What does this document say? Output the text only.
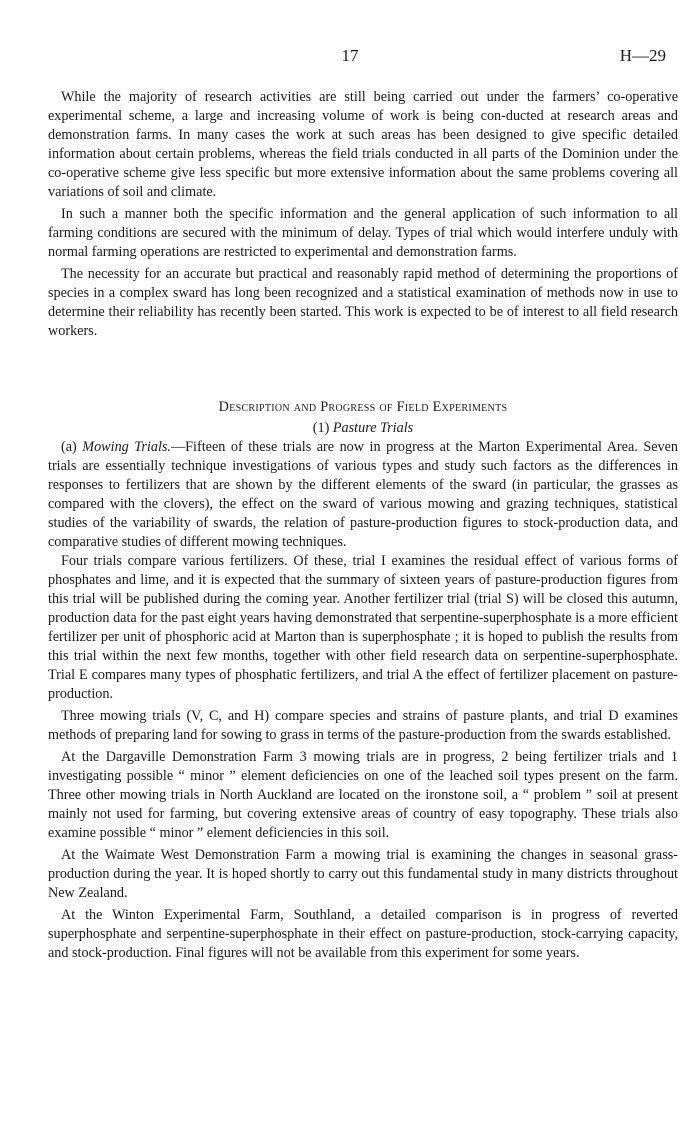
17	H—29

While the majority of research activities are still being carried out under the farmers’ co-operative experimental scheme, a large and increasing volume of work is being con-ducted at research areas and demonstration farms. In many cases the work at such areas has been designed to give specific detailed information about certain problems, whereas the field trials conducted in all parts of the Dominion under the co-operative scheme give less specific but more extensive information about the same problems covering all variations of soil and climate.

In such a manner both the specific information and the general application of such information to all farming conditions are secured with the minimum of delay. Types of trial which would interfere unduly with normal farming operations are restricted to experimental and demonstration farms.

The necessity for an accurate but practical and reasonably rapid method of determining the proportions of species in a complex sward has long been recognized and a statistical examination of methods now in use to determine their reliability has recently been started. This work is expected to be of interest to all field research workers.

Description and Progress of Field Experiments
(1) Pasture Trials

(a) Mowing Trials.—Fifteen of these trials are now in progress at the Marton Experimental Area. Seven trials are essentially technique investigations of various types and study such factors as the differences in responses to fertilizers that are shown by the different elements of the sward (in particular, the grasses as compared with the clovers), the effect on the sward of various mowing and grazing techniques, statistical studies of the variability of swards, the relation of pasture-production figures to stock-production data, and comparative studies of different mowing techniques.

Four trials compare various fertilizers. Of these, trial I examines the residual effect of various forms of phosphates and lime, and it is expected that the summary of sixteen years of pasture-production figures from this trial will be published during the coming year. Another fertilizer trial (trial S) will be closed this autumn, production data for the past eight years having demonstrated that serpentine-superphosphate is a more efficient fertilizer per unit of phosphoric acid at Marton than is superphosphate ; it is hoped to publish the results from this trial within the next few months, together with other field research data on serpentine-superphosphate. Trial E compares many types of phosphatic fertilizers, and trial A the effect of fertilizer placement on pasture-production.

Three mowing trials (V, C, and H) compare species and strains of pasture plants, and trial D examines methods of preparing land for sowing to grass in terms of the pasture-production from the swards established.

At the Dargaville Demonstration Farm 3 mowing trials are in progress, 2 being fertilizer trials and 1 investigating possible “ minor ” element deficiencies on one of the leached soil types present on the farm. Three other mowing trials in North Auckland are located on the ironstone soil, a “ problem ” soil at present mainly not used for farming, but covering extensive areas of country of easy topography. These trials also examine possible “ minor ” element deficiencies in this soil.

At the Waimate West Demonstration Farm a mowing trial is examining the changes in seasonal grass-production during the year. It is hoped shortly to carry out this fundamental study in many districts throughout New Zealand.

At the Winton Experimental Farm, Southland, a detailed comparison is in progress of reverted superphosphate and serpentine-superphosphate in their effect on pasture-production, stock-carrying capacity, and stock-production. Final figures will not be available from this experiment for some years.
